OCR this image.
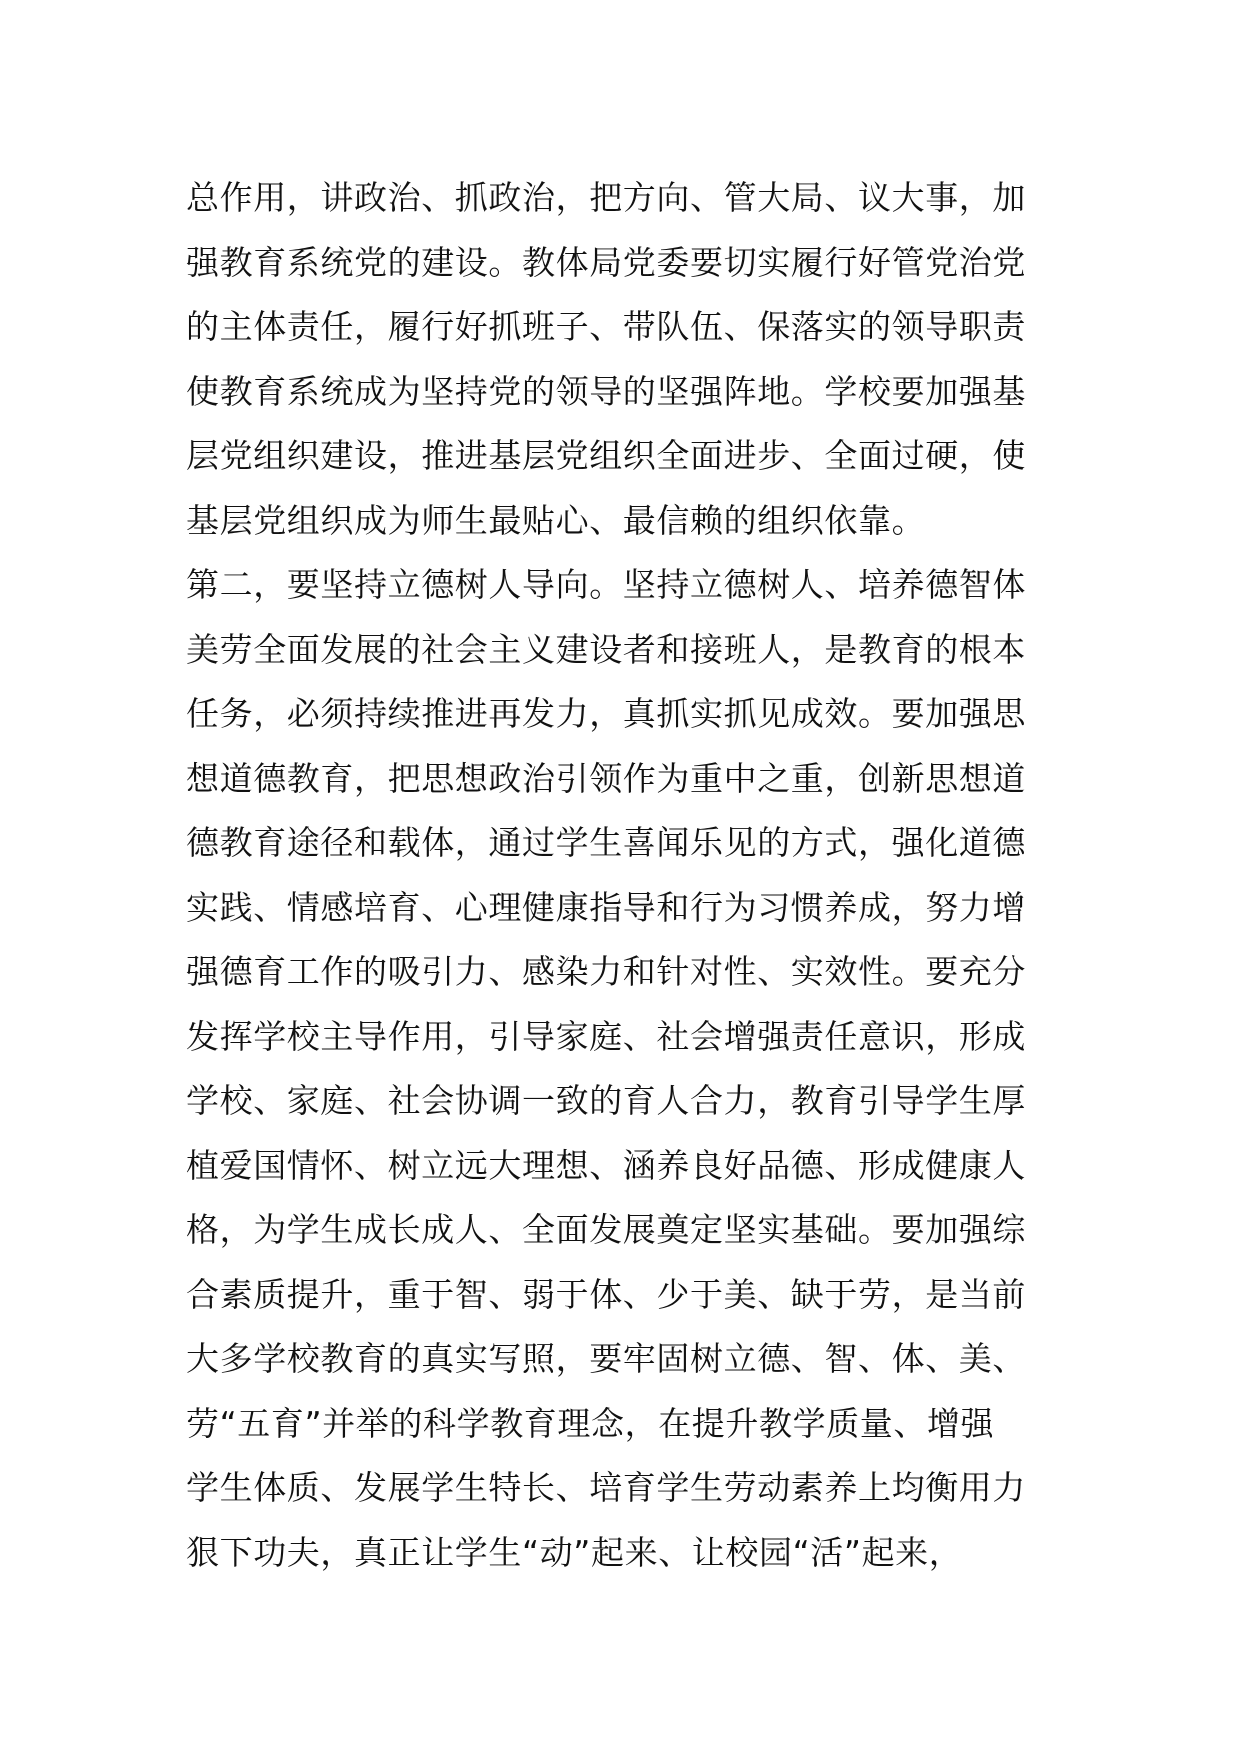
总作用，讲政治、抓政治，把方向、管大局、议大事，加
强教育系统党的建设。教体局党委要切实履行好管党治党
的主体责任，履行好抓班子、带队伍、保落实的领导职责
使教育系统成为坚持党的领导的坚强阵地。学校要加强基
层党组织建设，推进基层党组织全面进步、全面过硬，使
基层党组织成为师生最贴心、最信赖的组织依靠。
第二，要坚持立德树人导向。坚持立德树人、培养德智体
美劳全面发展的社会主义建设者和接班人，是教育的根本
任务，必须持续推进再发力，真抓实抓见成效。要加强思
想道德教育，把思想政治引领作为重中之重，创新思想道
德教育途径和载体，通过学生喜闻乐见的方式，强化道德
实践、情感培育、心理健康指导和行为习惯养成，努力增
强德育工作的吸引力、感染力和针对性、实效性。要充分
发挥学校主导作用，引导家庭、社会增强责任意识，形成
学校、家庭、社会协调一致的育人合力，教育引导学生厚
植爱国情怀、树立远大理想、涵养良好品德、形成健康人
格，为学生成长成人、全面发展奠定坚实基础。要加强综
合素质提升，重于智、弱于体、少于美、缺于劳，是当前
大多学校教育的真实写照，要牢固树立德、智、体、美、
劳“五育”并举的科学教育理念，在提升教学质量、增强
学生体质、发展学生特长、培育学生劳动素养上均衡用力
狠下功夫，真正让学生“动”起来、让校园“活”起来，
